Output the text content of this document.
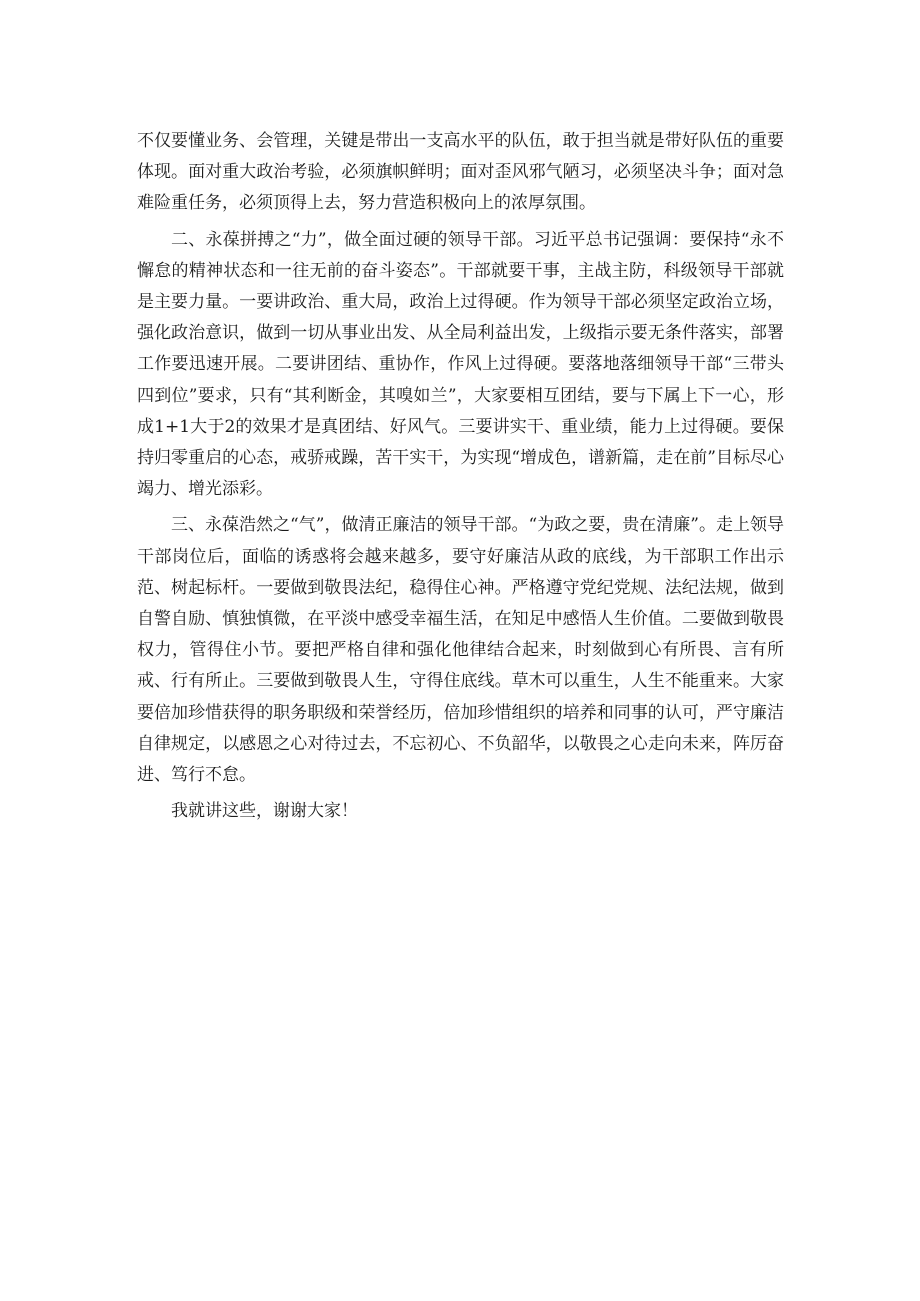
不仅要懂业务、会管理，关键是带出一支高水平的队伍，敢于担当就是带好队伍的重要体现。面对重大政治考验，必须旗帜鲜明；面对歪风邪气陋习，必须坚决斗争；面对急难险重任务，必须顶得上去，努力营造积极向上的浓厚氛围。

二、永葆拼搏之“力”，做全面过硬的领导干部。习近平总书记强调：要保持“永不懈怠的精神状态和一往无前的奋斗姿态”。干部就要干事，主战主防，科级领导干部就是主要力量。一要讲政治、重大局，政治上过得硬。作为领导干部必须坚定政治立场，强化政治意识，做到一切从事业出发、从全局利益出发，上级指示要无条件落实，部署工作要迅速开展。二要讲团结、重协作，作风上过得硬。要落地落细领导干部“三带头四到位”要求，只有“其利断金，其嗅如兰”，大家要相互团结，要与下属上下一心，形成1+1大于2的效果才是真团结、好风气。三要讲实干、重业绩，能力上过得硬。要保持归零重启的心态，戒骄戒躁，苦干实干，为实现“增成色，谱新篇，走在前”目标尽心竭力、增光添彩。

三、永葆浩然之“气”，做清正廉洁的领导干部。“为政之要，贵在清廉”。走上领导干部岗位后，面临的诱惑将会越来越多，要守好廉洁从政的底线，为干部职工作出示范、树起标杆。一要做到敬畏法纪，稳得住心神。严格遵守党纪党规、法纪法规，做到自警自励、慎独慎微，在平淡中感受幸福生活，在知足中感悟人生价值。二要做到敬畏权力，管得住小节。要把严格自律和强化他律结合起来，时刻做到心有所畏、言有所戒、行有所止。三要做到敬畏人生，守得住底线。草木可以重生，人生不能重来。大家要倍加珍惜获得的职务职级和荣誉经历，倍加珍惜组织的培养和同事的认可，严守廉洁自律规定，以感恩之心对待过去，不忘初心、不负韶华，以敬畏之心走向未来，阵厉奋进、笃行不怠。

我就讲这些，谢谢大家！
